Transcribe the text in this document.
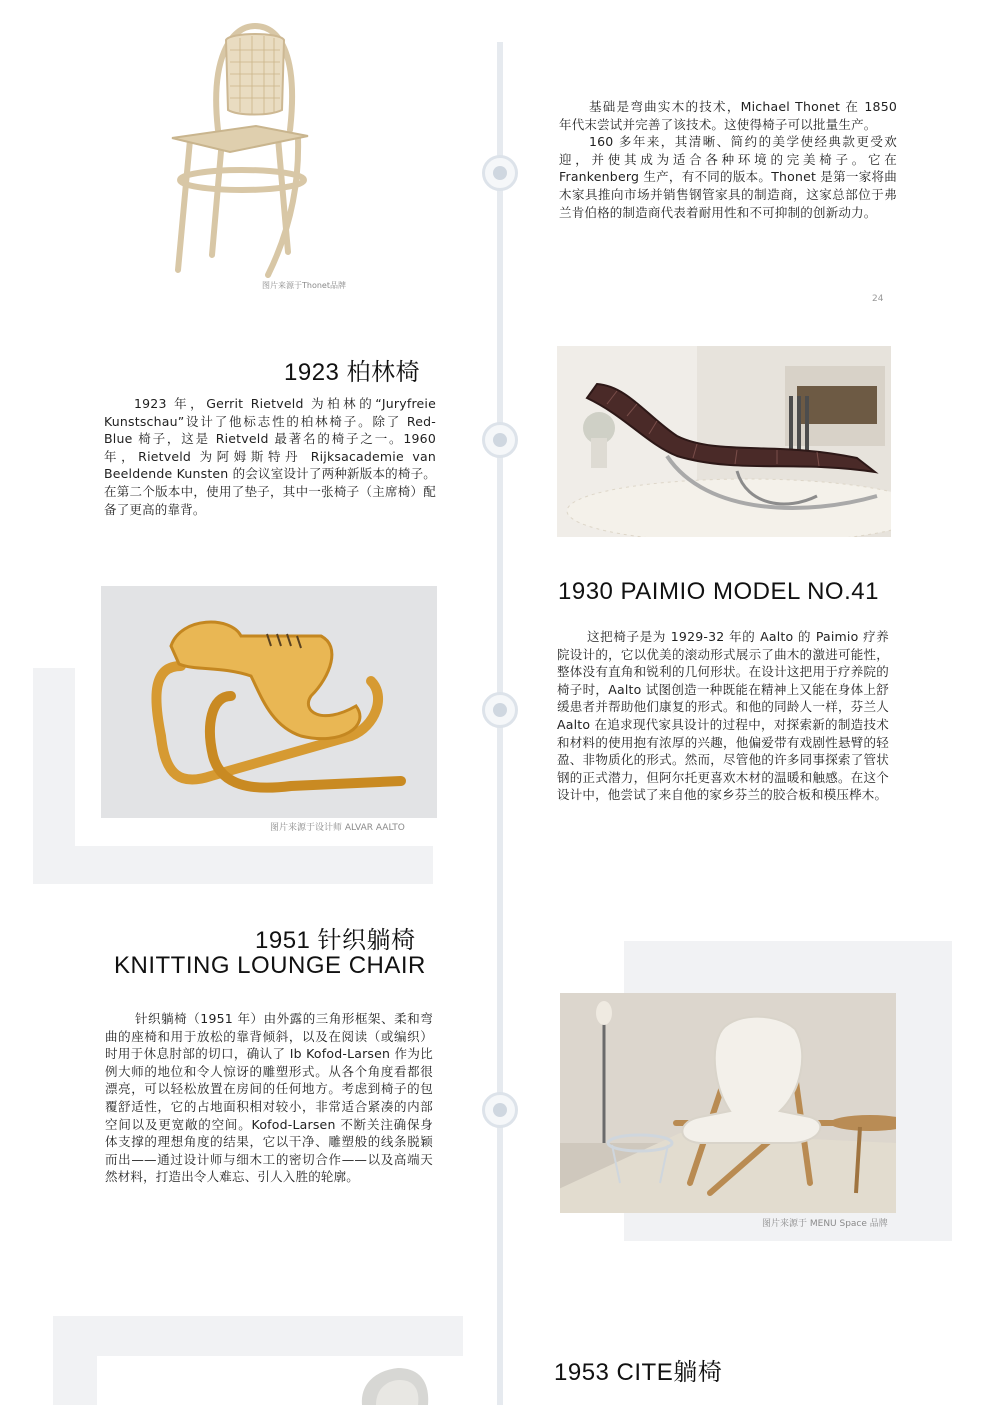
图片来源于Thonet品牌

基础是弯曲实木的技术，Michael Thonet 在 1850 年代末尝试并完善了该技术。这使得椅子可以批量生产。

160 多年来，其清晰、简约的美学使经典款更受欢迎，并使其成为适合各种环境的完美椅子。它在 Frankenberg 生产，有不同的版本。Thonet 是第一家将曲木家具推向市场并销售钢管家具的制造商，这家总部位于弗兰肯伯格的制造商代表着耐用性和不可抑制的创新动力。

24
1923 柏林椅

1923 年，Gerrit Rietveld 为柏林的“Juryfreie Kunstschau”设计了他标志性的柏林椅子。除了 Red-Blue 椅子，这是 Rietveld 最著名的椅子之一。1960 年，Rietveld 为阿姆斯特丹 Rijksacademie van Beeldende Kunsten 的会议室设计了两种新版本的椅子。在第二个版本中，使用了垫子，其中一张椅子（主席椅）配备了更高的靠背。

图片来源于设计师 ALVAR AALTO
1930 PAIMIO MODEL NO.41

这把椅子是为 1929-32 年的 Aalto 的 Paimio 疗养院设计的，它以优美的滚动形式展示了曲木的激进可能性，整体没有直角和锐利的几何形状。在设计这把用于疗养院的椅子时，Aalto 试图创造一种既能在精神上又能在身体上舒缓患者并帮助他们康复的形式。和他的同龄人一样，芬兰人 Aalto 在追求现代家具设计的过程中，对探索新的制造技术和材料的使用抱有浓厚的兴趣，他偏爱带有戏剧性悬臂的轻盈、非物质化的形式。然而，尽管他的许多同事探索了管状钢的正式潜力，但阿尔托更喜欢木材的温暖和触感。在这个设计中，他尝试了来自他的家乡芬兰的胶合板和模压桦木。

1951 针织躺椅
KNITTING LOUNGE CHAIR

针织躺椅（1951 年）由外露的三角形框架、柔和弯曲的座椅和用于放松的靠背倾斜，以及在阅读（或编织）时用于休息肘部的切口，确认了 Ib Kofod-Larsen 作为比例大师的地位和令人惊讶的雕塑形式。从各个角度看都很漂亮，可以轻松放置在房间的任何地方。考虑到椅子的包覆舒适性，它的占地面积相对较小，非常适合紧凑的内部空间以及更宽敞的空间。Kofod-Larsen 不断关注确保身体支撑的理想角度的结果，它以干净、雕塑般的线条脱颖而出——通过设计师与细木工的密切合作——以及高端天然材料，打造出令人难忘、引人入胜的轮廓。

图片来源于 MENU Space 品牌
1953 CITE躺椅
